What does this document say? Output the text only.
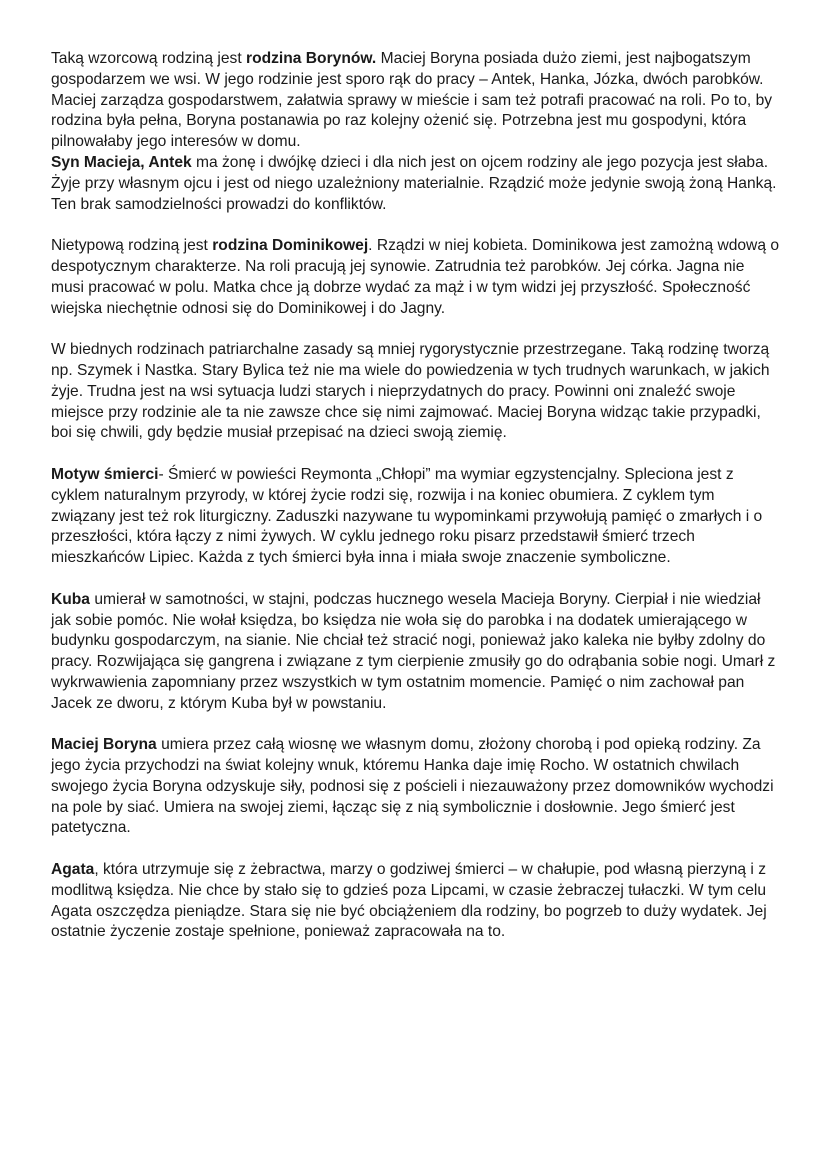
Taką wzorcową rodziną jest rodzina Borynów. Maciej Boryna posiada dużo ziemi, jest najbogatszym gospodarzem we wsi. W jego rodzinie jest sporo rąk do pracy – Antek, Hanka, Józka, dwóch parobków. Maciej zarządza gospodarstwem, załatwia sprawy w mieście i sam też potrafi pracować na roli. Po to, by rodzina była pełna, Boryna postanawia po raz kolejny ożenić się. Potrzebna jest mu gospodyni, która pilnowałaby jego interesów w domu.

Syn Macieja, Antek ma żonę i dwójkę dzieci i dla nich jest on ojcem rodziny ale jego pozycja jest słaba. Żyje przy własnym ojcu i jest od niego uzależniony materialnie. Rządzić może jedynie swoją żoną Hanką. Ten brak samodzielności prowadzi do konfliktów.

Nietypową rodziną jest rodzina Dominikowej. Rządzi w niej kobieta. Dominikowa jest zamożną wdową o despotycznym charakterze. Na roli pracują jej synowie. Zatrudnia też parobków. Jej córka. Jagna nie musi pracować w polu. Matka chce ją dobrze wydać za mąż i w tym widzi jej przyszłość. Społeczność wiejska niechętnie odnosi się do Dominikowej i do Jagny.

W biednych rodzinach patriarchalne zasady są mniej rygorystycznie przestrzegane. Taką rodzinę tworzą np. Szymek i Nastka. Stary Bylica też nie ma wiele do powiedzenia w tych trudnych warunkach, w jakich żyje. Trudna jest na wsi sytuacja ludzi starych i nieprzydatnych do pracy. Powinni oni znaleźć swoje miejsce przy rodzinie ale ta nie zawsze chce się nimi zajmować. Maciej Boryna widząc takie przypadki, boi się chwili, gdy będzie musiał przepisać na dzieci swoją ziemię.

Motyw śmierci- Śmierć w powieści Reymonta „Chłopi” ma wymiar egzystencjalny. Spleciona jest z cyklem naturalnym przyrody, w której życie rodzi się, rozwija i na koniec obumiera. Z cyklem tym związany jest też rok liturgiczny. Zaduszki nazywane tu wypominkami przywołują pamięć o zmarłych i o przeszłości, która łączy z nimi żywych. W cyklu jednego roku pisarz przedstawił śmierć trzech mieszkańców Lipiec. Każda z tych śmierci była inna i miała swoje znaczenie symboliczne.

Kuba umierał w samotności, w stajni, podczas hucznego wesela Macieja Boryny. Cierpiał i nie wiedział jak sobie pomóc. Nie wołał księdza, bo księdza nie woła się do parobka i na dodatek umierającego w budynku gospodarczym, na sianie. Nie chciał też stracić nogi, ponieważ jako kaleka nie byłby zdolny do pracy. Rozwijająca się gangrena i związane z tym cierpienie zmusiły go do odrąbania sobie nogi. Umarł z wykrwawienia zapomniany przez wszystkich w tym ostatnim momencie. Pamięć o nim zachował pan Jacek ze dworu, z którym Kuba był w powstaniu.

Maciej Boryna umiera przez całą wiosnę we własnym domu, złożony chorobą i pod opieką rodziny. Za jego życia przychodzi na świat kolejny wnuk, któremu Hanka daje imię Rocho. W ostatnich chwilach swojego życia Boryna odzyskuje siły, podnosi się z pościeli i niezauważony przez domowników wychodzi na pole by siać. Umiera na swojej ziemi, łącząc się z nią symbolicznie i dosłownie. Jego śmierć jest patetyczna.

Agata, która utrzymuje się z żebractwa, marzy o godziwej śmierci – w chałupie, pod własną pierzyną i z modlitwą księdza. Nie chce by stało się to gdzieś poza Lipcami, w czasie żebraczej tułaczki. W tym celu Agata oszczędza pieniądze. Stara się nie być obciążeniem dla rodziny, bo pogrzeb to duży wydatek. Jej ostatnie życzenie zostaje spełnione, ponieważ zapracowała na to.
